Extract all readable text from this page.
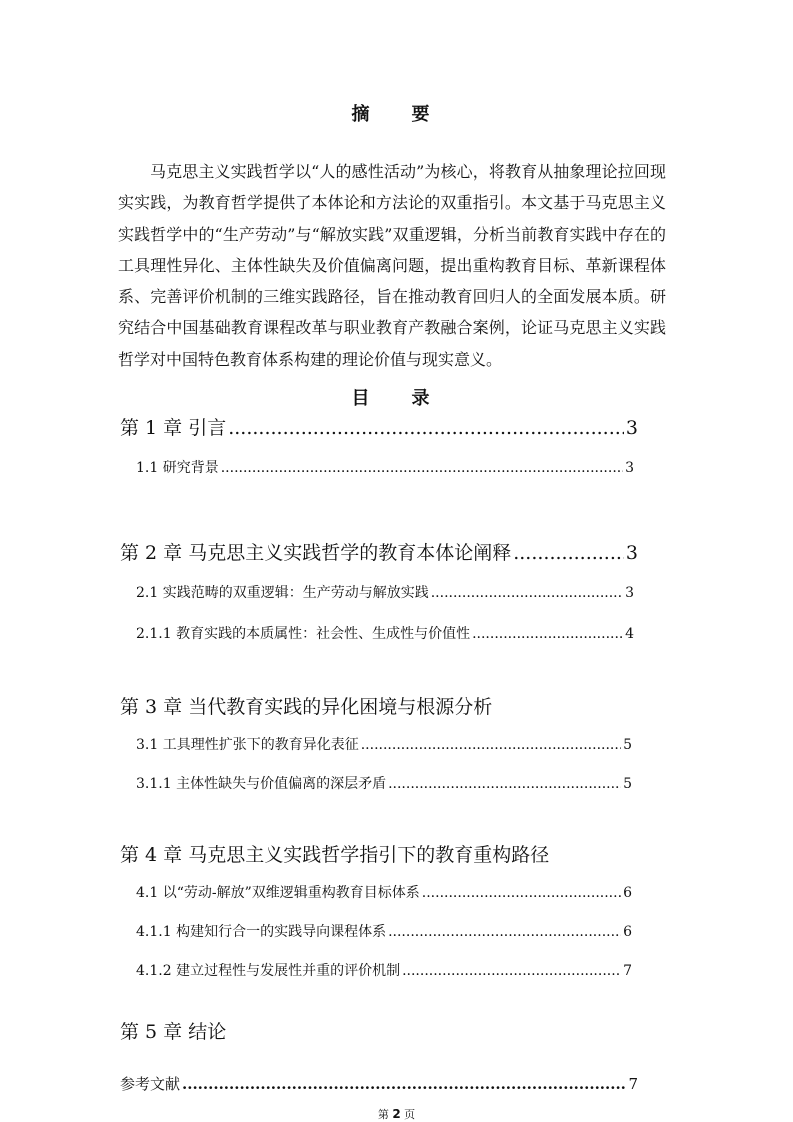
摘　要

马克思主义实践哲学以“人的感性活动”为核心，将教育从抽象理论拉回现实实践，为教育哲学提供了本体论和方法论的双重指引。本文基于马克思主义实践哲学中的“生产劳动”与“解放实践”双重逻辑，分析当前教育实践中存在的工具理性异化、主体性缺失及价值偏离问题，提出重构教育目标、革新课程体系、完善评价机制的三维实践路径，旨在推动教育回归人的全面发展本质。研究结合中国基础教育课程改革与职业教育产教融合案例，论证马克思主义实践哲学对中国特色教育体系构建的理论价值与现实意义。

目　录
第 1 章 引言 .....	3
1.1 研究背景 .....	3
第 2 章 马克思主义实践哲学的教育本体论阐释 .....	3
2.1 实践范畴的双重逻辑：生产劳动与解放实践 .....	3
2.1.1 教育实践的本质属性：社会性、生成性与价值性 .....	4
第 3 章 当代教育实践的异化困境与根源分析
3.1 工具理性扩张下的教育异化表征 .....	5
3.1.1 主体性缺失与价值偏离的深层矛盾 .....	5
第 4 章 马克思主义实践哲学指引下的教育重构路径
4.1 以“劳动-解放”双维逻辑重构教育目标体系 .....	6
4.1.1 构建知行合一的实践导向课程体系 .....	6
4.1.2 建立过程性与发展性并重的评价机制 .....	7
第 5 章 结论
参考文献 .....	7
第 2 页
